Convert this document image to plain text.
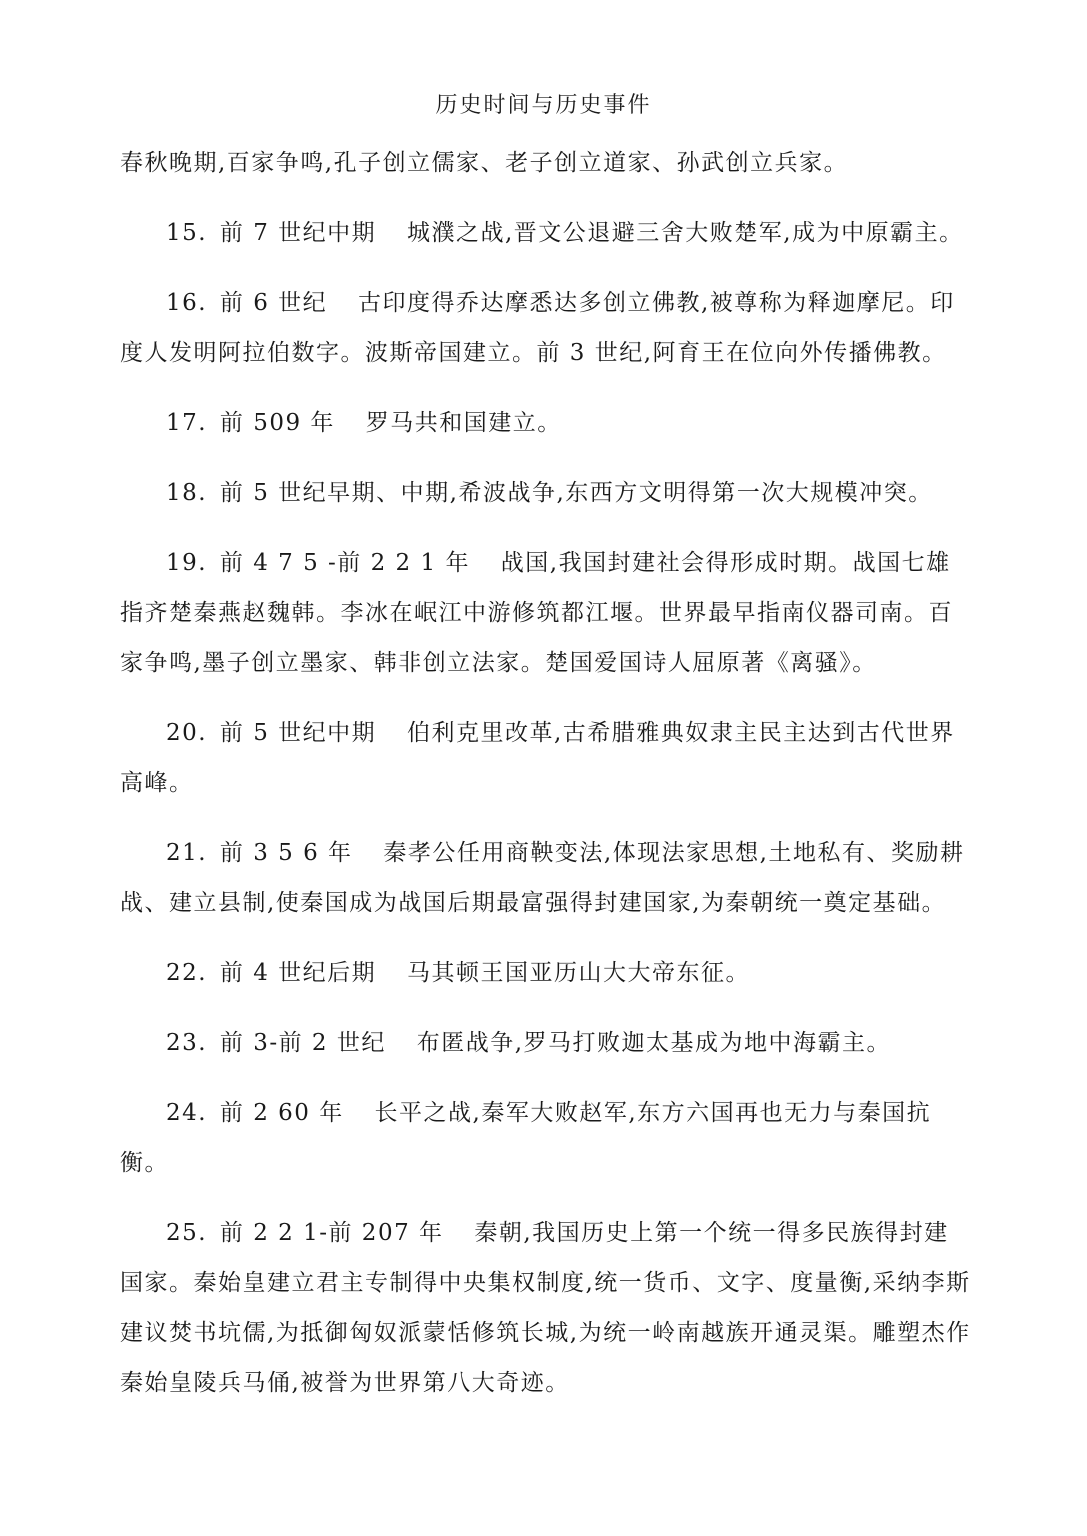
历史时间与历史事件

春秋晚期,百家争鸣,孔子创立儒家、老子创立道家、孙武创立兵家。

15. 前 7 世纪中期 城濮之战,晋文公退避三舍大败楚军,成为中原霸主。

16. 前 6 世纪 古印度得乔达摩悉达多创立佛教,被尊称为释迦摩尼。印度人发明阿拉伯数字。波斯帝国建立。前 3 世纪,阿育王在位向外传播佛教。

17. 前 509 年 罗马共和国建立。

18. 前 5 世纪早期、中期,希波战争,东西方文明得第一次大规模冲突。

19. 前 4 7 5 -前 2 2 1 年 战国,我国封建社会得形成时期。战国七雄指齐楚秦燕赵魏韩。李冰在岷江中游修筑都江堰。世界最早指南仪器司南。百家争鸣,墨子创立墨家、韩非创立法家。楚国爱国诗人屈原著《离骚》。

20. 前 5 世纪中期 伯利克里改革,古希腊雅典奴隶主民主达到古代世界高峰。

21. 前 3 5 6 年 秦孝公任用商鞅变法,体现法家思想,土地私有、奖励耕战、建立县制,使秦国成为战国后期最富强得封建国家,为秦朝统一奠定基础。

22. 前 4 世纪后期 马其顿王国亚历山大大帝东征。

23. 前 3-前 2 世纪 布匿战争,罗马打败迦太基成为地中海霸主。

24. 前 2 60 年 长平之战,秦军大败赵军,东方六国再也无力与秦国抗衡。

25. 前 2 2 1-前 207 年 秦朝,我国历史上第一个统一得多民族得封建国家。秦始皇建立君主专制得中央集权制度,统一货币、文字、度量衡,采纳李斯建议焚书坑儒,为抵御匈奴派蒙恬修筑长城,为统一岭南越族开通灵渠。雕塑杰作秦始皇陵兵马俑,被誉为世界第八大奇迹。
